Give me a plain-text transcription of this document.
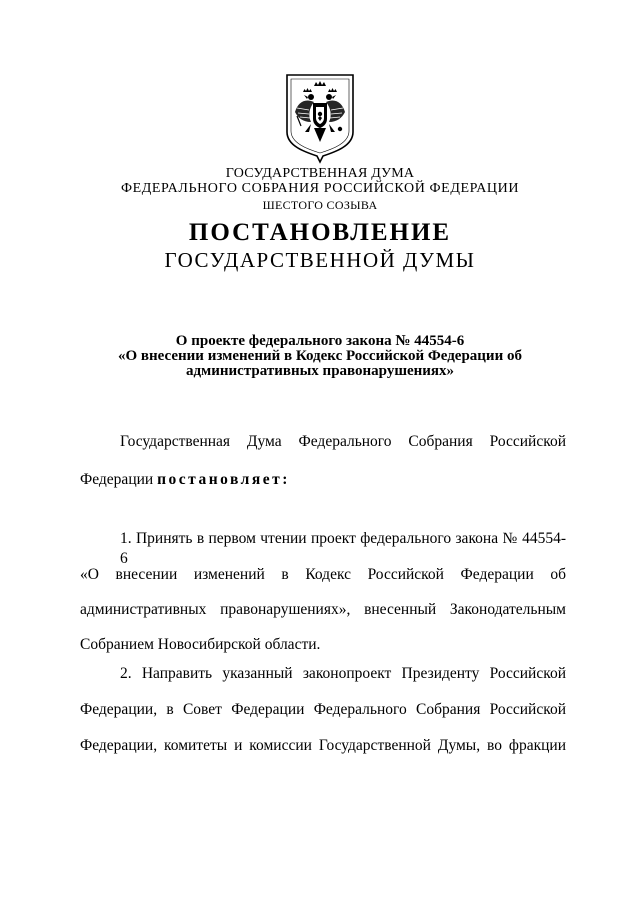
ГОСУДАРСТВЕННАЯ ДУМА
ФЕДЕРАЛЬНОГО СОБРАНИЯ РОССИЙСКОЙ ФЕДЕРАЦИИ
ШЕСТОГО СОЗЫВА
ПОСТАНОВЛЕНИЕ
ГОСУДАРСТВЕННОЙ ДУМЫ
О проекте федерального закона № 44554-6
«О внесении изменений в Кодекс Российской Федерации об
административных правонарушениях»
Государственная Дума Федерального Собрания Российской
Федерации постановляет:
1. Принять в первом чтении проект федерального закона № 44554-6
«О внесении изменений в Кодекс Российской Федерации об
административных правонарушениях», внесенный Законодательным
Собранием Новосибирской области.
2. Направить указанный законопроект Президенту Российской
Федерации, в Совет Федерации Федерального Собрания Российской
Федерации, комитеты и комиссии Государственной Думы, во фракции
